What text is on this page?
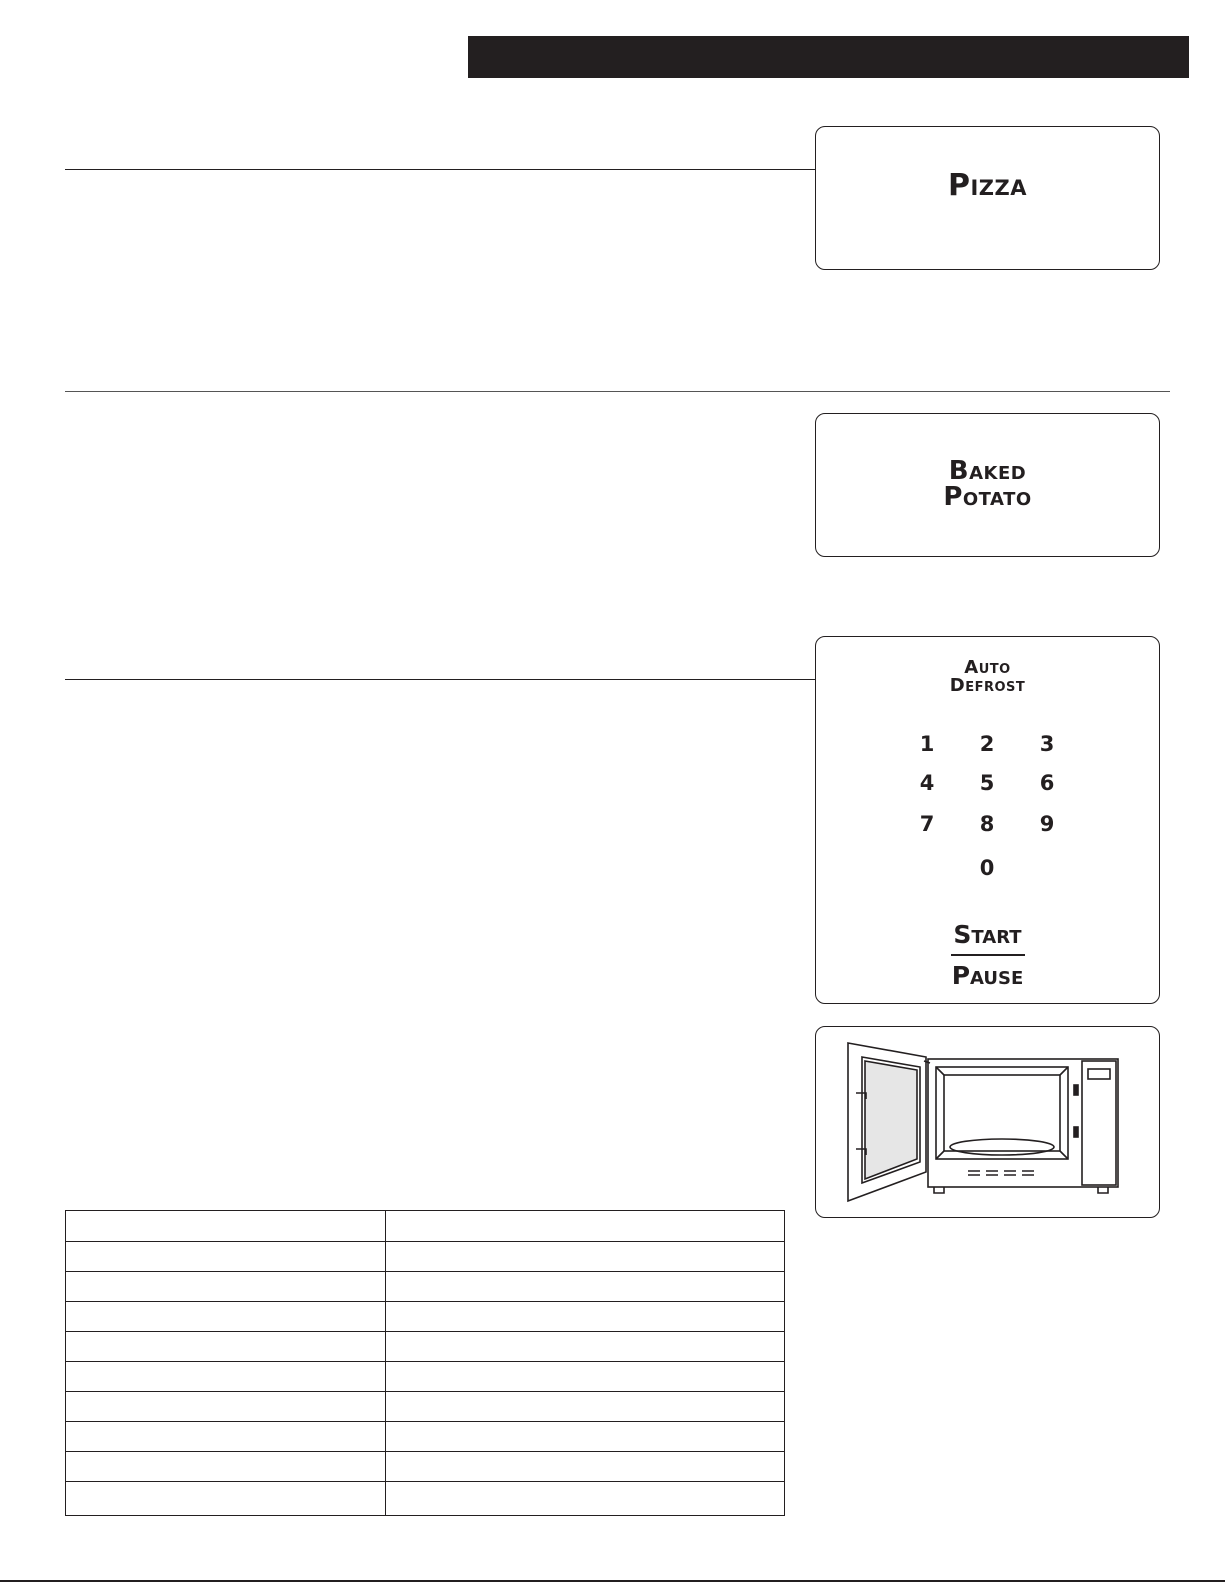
Pizza
Baked
Potato
Auto
Defrost
1	2	3
4	5	6
7	8	9
0
Start
Pause
